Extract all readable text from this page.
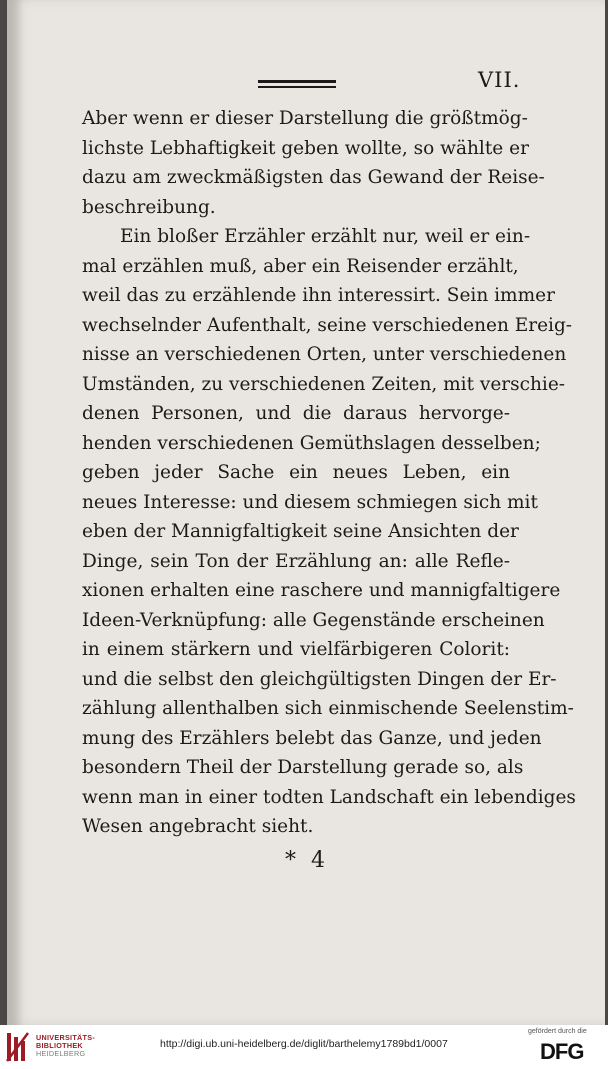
VII.
Aber wenn er dieser Darstellung die größtmög-
lichste Lebhaftigkeit geben wollte, so wählte er
dazu am zweckmäßigsten das Gewand der Reise-
beschreibung.
Ein bloßer Erzähler erzählt nur, weil er ein-
mal erzählen muß, aber ein Reisender erzählt,
weil das zu erzählende ihn interessirt. Sein immer
wechselnder Aufenthalt, seine verschiedenen Ereig-
nisse an verschiedenen Orten, unter verschiedenen
Umständen, zu verschiedenen Zeiten, mit verschie-
denen Personen, und die daraus hervorge-
henden verschiedenen Gemüthslagen desselben;
geben jeder Sache ein neues Leben, ein
neues Interesse: und diesem schmiegen sich mit
eben der Mannigfaltigkeit seine Ansichten der
Dinge, sein Ton der Erzählung an: alle Refle-
xionen erhalten eine raschere und mannigfaltigere
Ideen-Verknüpfung: alle Gegenstände erscheinen
in einem stärkern und vielfärbigeren Colorit:
und die selbst den gleichgültigsten Dingen der Er-
zählung allenthalben sich einmischende Seelenstim-
mung des Erzählers belebt das Ganze, und jeden
besondern Theil der Darstellung gerade so, als
wenn man in einer todten Landschaft ein lebendiges
Wesen angebracht sieht.
* 4
UNIVERSITÄTS-
BIBLIOTHEK
HEIDELBERG
http://digi.ub.uni-heidelberg.de/diglit/barthelemy1789bd1/0007
gefördert durch die
DFG
